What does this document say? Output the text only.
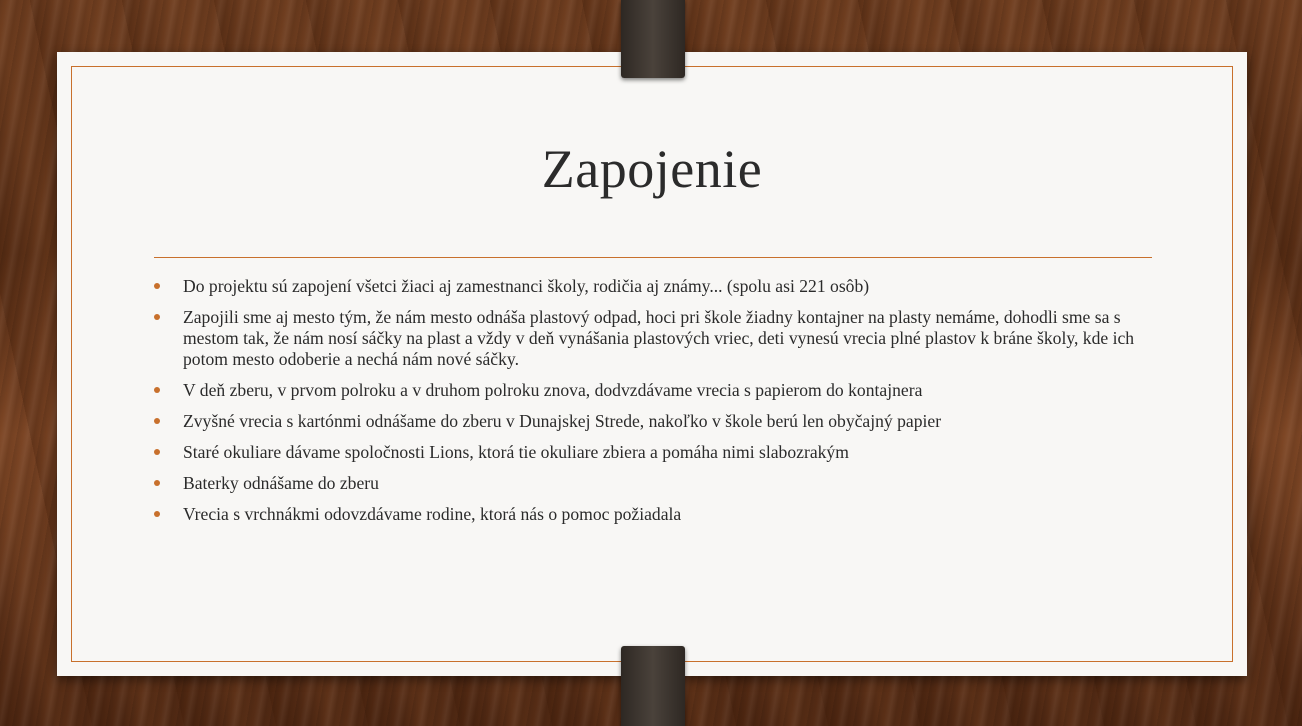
Zapojenie
Do projektu sú zapojení všetci žiaci aj zamestnanci školy, rodičia aj známy... (spolu asi 221 osôb)
Zapojili sme aj mesto tým, že nám mesto odnáša plastový odpad, hoci pri škole žiadny kontajner na plasty nemáme, dohodli sme sa s mestom tak, že nám nosí sáčky na plast a vždy v deň vynášania plastových vriec, deti vynesú vrecia plné plastov k bráne školy, kde ich potom mesto odoberie a nechá nám nové sáčky.
V deň zberu, v prvom polroku a v druhom polroku znova, dodvzdávame vrecia s papierom do kontajnera
Zvyšné vrecia s kartónmi odnášame do zberu v Dunajskej Strede, nakoľko v škole berú len obyčajný papier
Staré okuliare dávame spoločnosti Lions, ktorá tie okuliare zbiera a pomáha nimi slabozrakým
Baterky odnášame do zberu
Vrecia s vrchnákmi odovzdávame rodine, ktorá nás o pomoc požiadala
